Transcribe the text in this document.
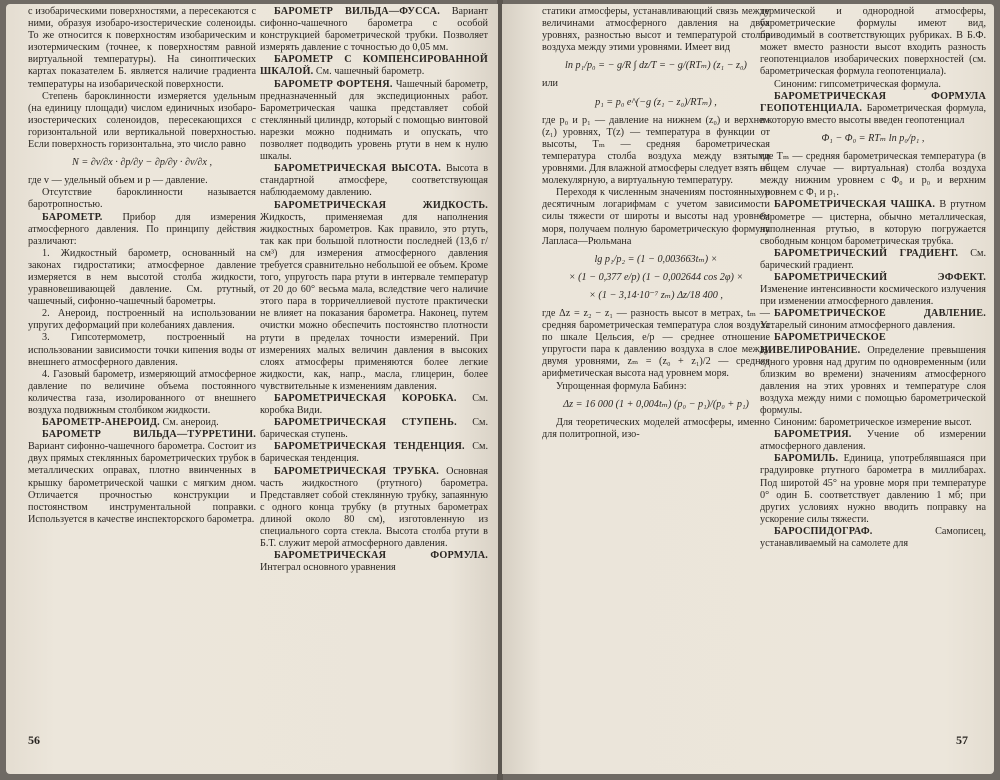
с изобарическими поверхностями, а пересекаются с ними, образуя изобаро-изостерические соленоиды. То же относится к поверхностям изобарическим и изотермическим (точнее, к поверхностям равной виртуальной температуры). На синоптических картах показателем Б. является наличие градиента температуры на изобарической поверхности.

Степень бароклинности измеряется удельным (на единицу площади) числом единичных изобаро-изостерических соленоидов, пересекающихся с горизонтальной или вертикальной поверхностью. Если поверхность горизонтальна, это число равно

N = ∂v/∂x · ∂p/∂y − ∂p/∂y · ∂v/∂x ,

где v — удельный объем и p — давление.

Отсутствие бароклинности называется баротропностью.

БАРОМЕТР. Прибор для измерения атмосферного давления. По принципу действия различают:

1. Жидкостный барометр, основанный на законах гидростатики; атмосферное давление измеряется в нем высотой столба жидкости, уравновешивающей давление. См. ртутный, чашечный, сифонно-чашечный барометры.

2. Анероид, построенный на использовании упругих деформаций при колебаниях давления.

3. Гипсотермометр, построенный на использовании зависимости точки кипения воды от внешнего атмосферного давления.

4. Газовый барометр, измеряющий атмосферное давление по величине объема постоянного количества газа, изолированного от внешнего воздуха подвижным столбиком жидкости.

БАРОМЕТР-АНЕРОИД. См. анероид.

БАРОМЕТР ВИЛЬДА—ТУРРЕТИНИ. Вариант сифонно-чашечного барометра. Состоит из двух прямых стеклянных барометрических трубок в металлических оправах, плотно ввинченных в крышку барометрической чашки с мягким дном. Отличается прочностью конструкции и постоянством инструментальной поправки. Используется в качестве инспекторского барометра.

БАРОМЕТР ВИЛЬДА—ФУССА. Вариант сифонно-чашечного барометра с особой конструкцией барометрической трубки. Позволяет измерять давление с точностью до 0,05 мм.

БАРОМЕТР С КОМПЕНСИРОВАННОЙ ШКАЛОЙ. См. чашечный барометр.

БАРОМЕТР ФОРТЕНЯ. Чашечный барометр, предназначенный для экспедиционных работ. Барометрическая чашка представляет собой стеклянный цилиндр, который с помощью винтовой нарезки можно поднимать и опускать, что позволяет подводить уровень ртути в нем к нулю шкалы.

БАРОМЕТРИЧЕСКАЯ ВЫСОТА. Высота в стандартной атмосфере, соответствующая наблюдаемому давлению.

БАРОМЕТРИЧЕСКАЯ ЖИДКОСТЬ. Жидкость, применяемая для наполнения жидкостных барометров. Как правило, это ртуть, так как при большой плотности последней (13,6 г/см³) для измерения атмосферного давления требуется сравнительно небольшой ее объем. Кроме того, упругость пара ртути в интервале температур от 20 до 60° весьма мала, вследствие чего наличие этого пара в торричеллиевой пустоте практически не влияет на показания барометра. Наконец, путем очистки можно обеспечить постоянство плотности ртути в пределах точности измерений. При измерениях малых величин давления в высоких слоях атмосферы применяются более легкие жидкости, как, напр., масла, глицерин, более чувствительные к изменениям давления.

БАРОМЕТРИЧЕСКАЯ КОРОБКА. См. коробка Види.

БАРОМЕТРИЧЕСКАЯ СТУПЕНЬ. См. барическая ступень.

БАРОМЕТРИЧЕСКАЯ ТЕНДЕНЦИЯ. См. барическая тенденция.

БАРОМЕТРИЧЕСКАЯ ТРУБКА. Основная часть жидкостного (ртутного) барометра. Представляет собой стеклянную трубку, запаянную с одного конца трубку (в ртутных барометрах длиной около 80 см), изготовленную из специального сорта стекла. Высота столба ртути в Б.Т. служит мерой атмосферного давления.

БАРОМЕТРИЧЕСКАЯ ФОРМУЛА. Интеграл основного уравнения

56

статики атмосферы, устанавливающий связь между величинами атмосферного давления на двух уровнях, разностью высот и температурой столба воздуха между этими уровнями. Имеет вид

ln p₁/p₀ = − g/R ∫ dz/T = − g/(RTₘ) (z₁ − z₀)

или

p₁ = p₀ e^(−g (z₁ − z₀)/RTₘ) ,

где p₀ и p₁ — давление на нижнем (z₀) и верхнем (z₁) уровнях, T(z) — температура в функции от высоты, Tₘ — средняя барометрическая температура столба воздуха между взятыми уровнями. Для влажной атмосферы следует взять не молекулярную, а виртуальную температуру.

Переходя к численным значениям постоянных и десятичным логарифмам с учетом зависимости силы тяжести от широты и высоты над уровнем моря, получаем полную барометрическую формулу Лапласа—Рюльмана

lg p₁/p₂ = (1 − 0,003663tₘ) ×
× (1 − 0,377 e/p) (1 − 0,002644 cos 2φ) ×
× (1 − 3,14·10⁻⁷ zₘ) Δz/18 400 ,

где Δz = z₂ − z₁ — разность высот в метрах, tₘ — средняя барометрическая температура слоя воздуха по шкале Цельсия, e/p — среднее отношение упругости пара к давлению воздуха в слое между двумя уровнями, zₘ = (z₀ + z₁)/2 — средняя арифметическая высота над уровнем моря.

Упрощенная формула Бабинэ:

Δz = 16 000 (1 + 0,004tₘ) (p₀ − p₁)/(p₀ + p₁)

Для теоретических моделей атмосферы, именно для политропной, изо-

термической и однородной атмосферы, барометрические формулы имеют вид, приводимый в соответствующих рубриках. В Б.Ф. может вместо разности высот входить разность геопотенциалов изобарических поверхностей (см. барометрическая формула геопотенциала).

Синоним: гипсометрическая формула.

БАРОМЕТРИЧЕСКАЯ ФОРМУЛА ГЕОПОТЕНЦИАЛА. Барометрическая формула, в которую вместо высоты введен геопотенциал

Φ₁ − Φ₀ = RTₘ ln p₀/p₁ ,

где Tₘ — средняя барометрическая температура (в общем случае — виртуальная) столба воздуха между нижним уровнем с Φ₀ и p₀ и верхним уровнем с Φ₁ и p₁.

БАРОМЕТРИЧЕСКАЯ ЧАШКА. В ртутном барометре — цистерна, обычно металлическая, наполненная ртутью, в которую погружается свободным концом барометрическая трубка.

БАРОМЕТРИЧЕСКИЙ ГРАДИЕНТ. См. барический градиент.

БАРОМЕТРИЧЕСКИЙ ЭФФЕКТ. Изменение интенсивности космического излучения при изменении атмосферного давления.

БАРОМЕТРИЧЕСКОЕ ДАВЛЕНИЕ. Устарелый синоним атмосферного давления.

БАРОМЕТРИЧЕСКОЕ НИВЕЛИРОВАНИЕ. Определение превышения одного уровня над другим по одновременным (или близким во времени) значениям атмосферного давления на этих уровнях и температуре слоя воздуха между ними с помощью барометрической формулы.

Синоним: барометрическое измерение высот.

БАРОМЕТРИЯ. Учение об измерении атмосферного давления.

БАРОМИЛЬ. Единица, употреблявшаяся при градуировке ртутного барометра в миллибарах. Под широтой 45° на уровне моря при температуре 0° один Б. соответствует давлению 1 мб; при других условиях нужно вводить поправку на ускорение силы тяжести.

БАРОСПИДОГРАФ.	Самописец, устанавливаемый на самолете для

57
